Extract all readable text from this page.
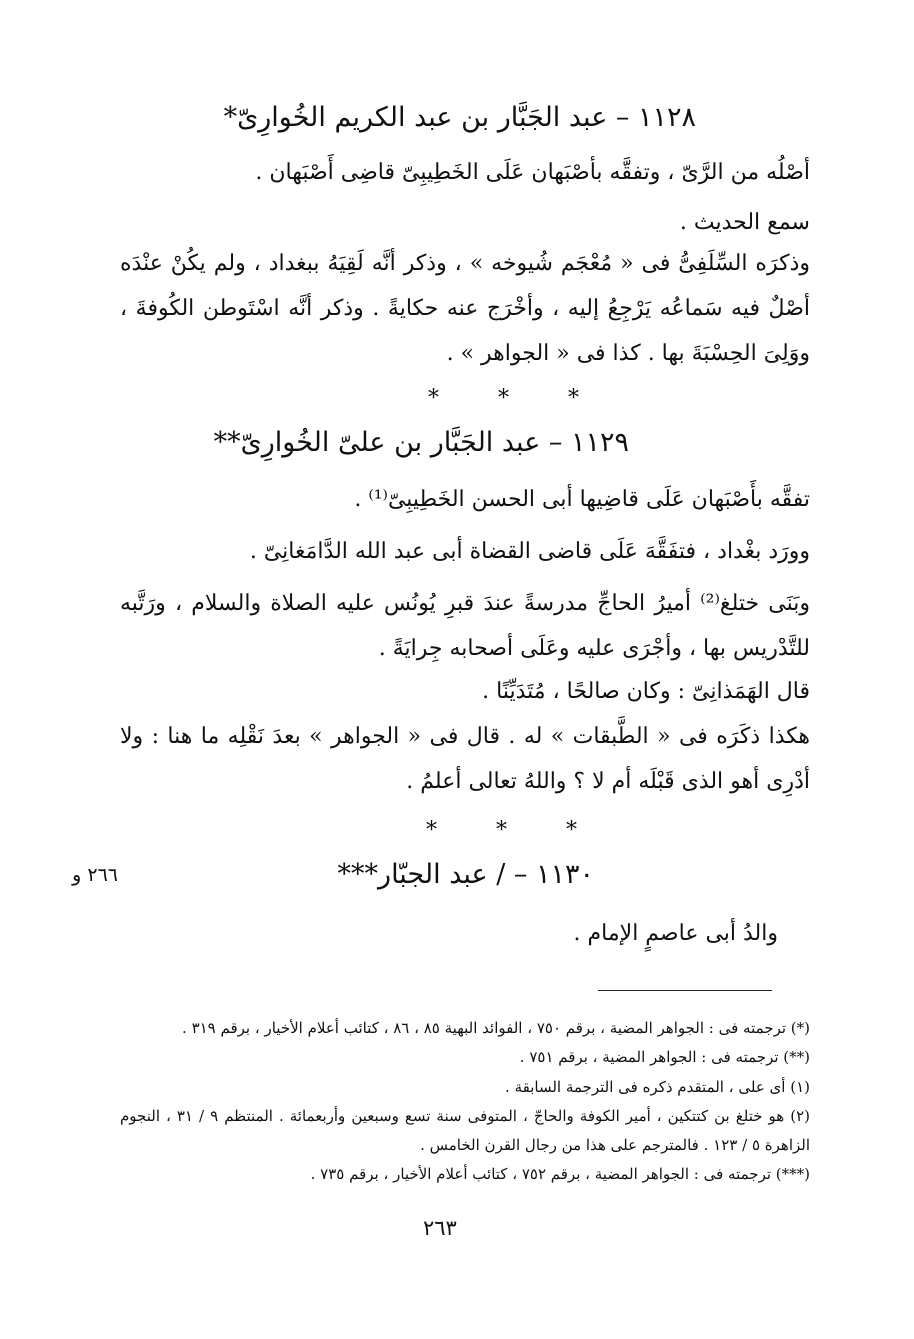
١١٢٨ – عبد الجَبَّار بن عبد الكريم الخُوارِىّ*
أصْلُه من الرَّىّ ، وتفقَّه بأصْبَهان عَلَى الخَطِيبِىّ قاضِى أَصْبَهان .
سمع الحديث .
وذكرَه السِّلَفِىُّ فى « مُعْجَم شُيوخه » ، وذكر أنَّه لَقِيَهُ ببغداد ، ولم يكُنْ عنْدَه أصْلٌ فيه سَماعُه يَرْجِعُ إليه ، وأخْرَج عنه حكايةً . وذكر أنَّه اسْتَوطن الكُوفةَ ، ووَلِىَ الحِسْبَةَ بها . كذا فى « الجواهر » .
* * *
١١٢٩ – عبد الجَبَّار بن علىّ الخُوارِىّ**
تفقَّه بأَصْبَهان عَلَى قاضِيها أبى الحسن الخَطِيبِىّ⁽¹⁾ .
وورَد بغْداد ، فتفَقَّهَ عَلَى قاضى القضاة أبى عبد الله الدَّامَغانِىّ .
وبَنَى ختلغ⁽²⁾ أميرُ الحاجِّ مدرسةً عندَ قبرِ يُونُس عليه الصلاة والسلام ، ورَتَّبه للتَّدْريس بها ، وأجْرَى عليه وعَلَى أصحابه جِرايَةً .
قال الهَمَذانِىّ : وكان صالحًا ، مُتَدَيِّنًا .
هكذا ذكَرَه فى « الطَّبقات » له . قال فى « الجواهر » بعدَ نَقْلِه ما هنا : ولا أدْرِى أهو الذى قَبْلَه أم لا ؟ واللهُ تعالى أعلمُ .
* * *
١١٣٠ – / عبد الجبّار***
٢٦٦ و
والدُ أبى عاصمٍ الإمام .
(*) ترجمته فى : الجواهر المضية ، برقم ٧٥٠ ، الفوائد البهية ٨٥ ، ٨٦ ، كتائب أعلام الأخيار ، برقم ٣١٩ .
(**) ترجمته فى : الجواهر المضية ، برقم ٧٥١ .
(١) أى على ، المتقدم ذكره فى الترجمة السابقة .
(٢) هو ختلغ بن كتتكين ، أمير الكوفة والحاجّ ، المتوفى سنة تسع وسبعين وأربعمائة . المنتظم ٩ / ٣١ ، النجوم الزاهرة ٥ / ١٢٣ . فالمترجم على هذا من رجال القرن الخامس .
(***) ترجمته فى : الجواهر المضية ، برقم ٧٥٢ ، كتائب أعلام الأخيار ، برقم ٧٣٥ .
٢٦٣
